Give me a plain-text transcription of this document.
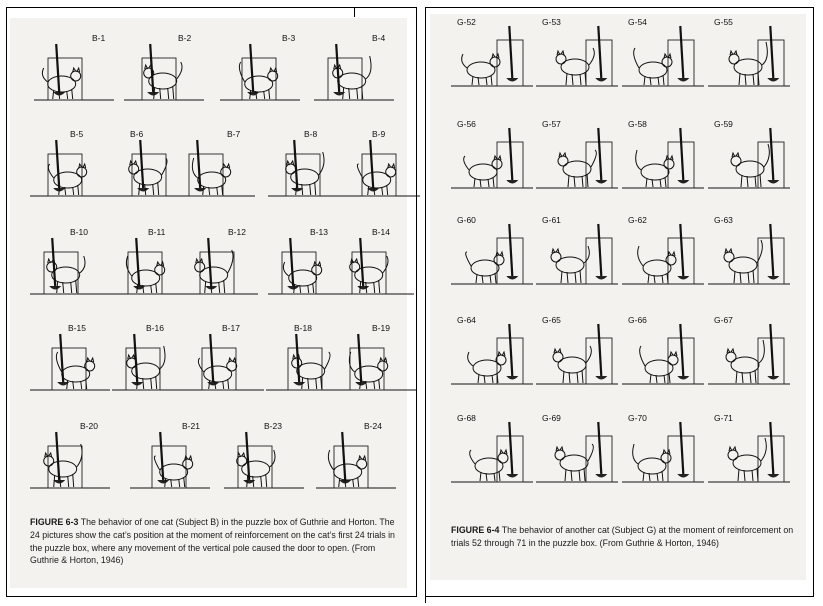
B-1	B-2	B-3	B-4
B-5	B-6	B-7	B-8	B-9
B-10	B-11	B-12	B-13	B-14
B-15	B-16	B-17	B-18	B-19
B-20	B-21	B-23	B-24
G-52	G-53	G-54	G-55
G-56	G-57	G-58	G-59
G-60	G-61	G-62	G-63
G-64	G-65	G-66	G-67
G-68	G-69	G-70	G-71
FIGURE 6-3 The behavior of one cat (Subject B) in the puzzle box of Guthrie and Horton. The 24 pictures show the cat’s position at the moment of reinforcement on the cat’s first 24 trials in the puzzle box, where any movement of the vertical pole caused the door to open. (From Guthrie & Horton, 1946)
FIGURE 6-4 The behavior of another cat (Subject G) at the moment of reinforcement on trials 52 through 71 in the puzzle box. (From Guthrie & Horton, 1946)
